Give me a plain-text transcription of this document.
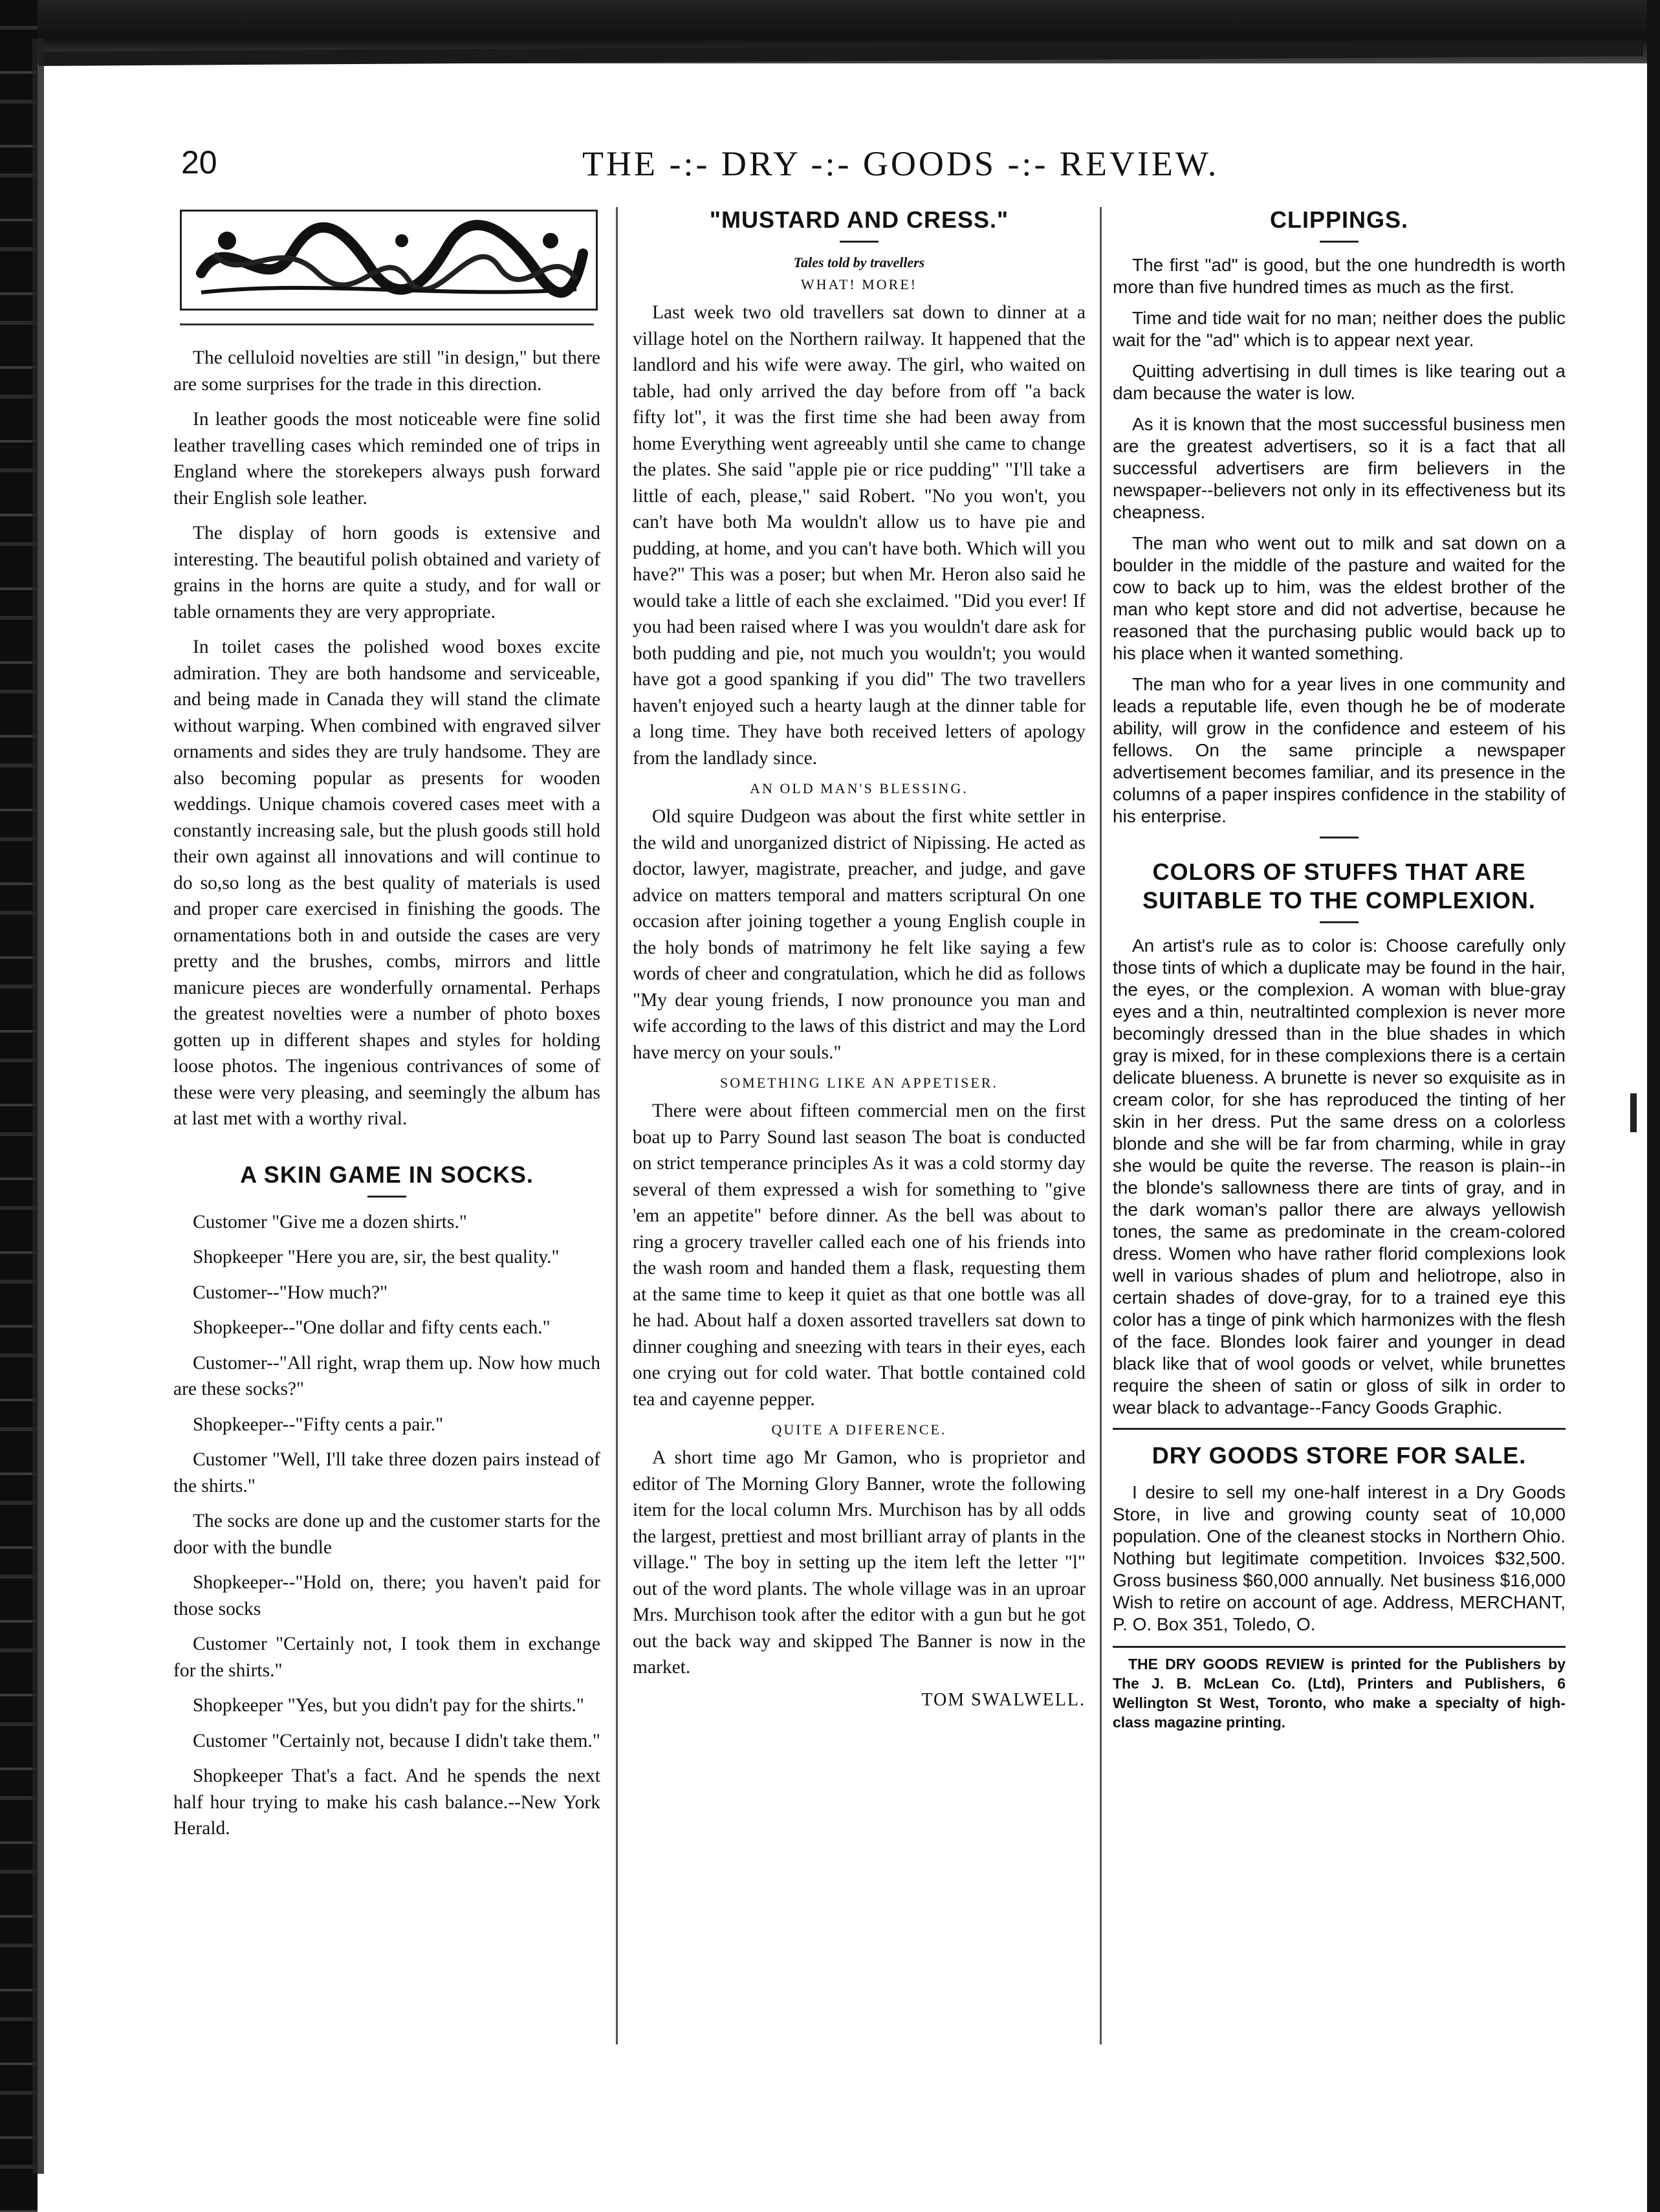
20	THE -:- DRY -:- GOODS -:- REVIEW.

The celluloid novelties are still "in design," but there are some surprises for the trade in this direction.

In leather goods the most noticeable were fine solid leather travelling cases which reminded one of trips in England where the storekepers always push forward their English sole leather.

The display of horn goods is extensive and interesting. The beautiful polish obtained and variety of grains in the horns are quite a study, and for wall or table ornaments they are very appropriate.

In toilet cases the polished wood boxes excite admiration. They are both handsome and serviceable, and being made in Canada they will stand the climate without warping. When combined with engraved silver ornaments and sides they are truly handsome. They are also becoming popular as presents for wooden weddings. Unique chamois covered cases meet with a constantly increasing sale, but the plush goods still hold their own against all innovations and will continue to do so,so long as the best quality of materials is used and proper care exercised in finishing the goods. The ornamentations both in and outside the cases are very pretty and the brushes, combs, mirrors and little manicure pieces are wonderfully ornamental. Perhaps the greatest novelties were a number of photo boxes gotten up in different shapes and styles for holding loose photos. The ingenious contrivances of some of these were very pleasing, and seemingly the album has at last met with a worthy rival.

A SKIN GAME IN SOCKS.

Customer "Give me a dozen shirts."

Shopkeeper "Here you are, sir, the best quality."

Customer--"How much?"

Shopkeeper--"One dollar and fifty cents each."

Customer--"All right, wrap them up. Now how much are these socks?"

Shopkeeper--"Fifty cents a pair."

Customer "Well, I'll take three dozen pairs instead of the shirts."

The socks are done up and the customer starts for the door with the bundle

Shopkeeper--"Hold on, there; you haven't paid for those socks

Customer "Certainly not, I took them in exchange for the shirts."

Shopkeeper "Yes, but you didn't pay for the shirts."

Customer "Certainly not, because I didn't take them."

Shopkeeper That's a fact. And he spends the next half hour trying to make his cash balance.--New York Herald.

"MUSTARD AND CRESS."
Tales told by travellers
WHAT! MORE!

Last week two old travellers sat down to dinner at a village hotel on the Northern railway. It happened that the landlord and his wife were away. The girl, who waited on table, had only arrived the day before from off "a back fifty lot", it was the first time she had been away from home Everything went agreeably until she came to change the plates. She said "apple pie or rice pudding" "I'll take a little of each, please," said Robert. "No you won't, you can't have both Ma wouldn't allow us to have pie and pudding, at home, and you can't have both. Which will you have?" This was a poser; but when Mr. Heron also said he would take a little of each she exclaimed. "Did you ever! If you had been raised where I was you wouldn't dare ask for both pudding and pie, not much you wouldn't; you would have got a good spanking if you did" The two travellers haven't enjoyed such a hearty laugh at the dinner table for a long time. They have both received letters of apology from the landlady since.

AN OLD MAN'S BLESSING.

Old squire Dudgeon was about the first white settler in the wild and unorganized district of Nipissing. He acted as doctor, lawyer, magistrate, preacher, and judge, and gave advice on matters temporal and matters scriptural On one occasion after joining together a young English couple in the holy bonds of matrimony he felt like saying a few words of cheer and congratulation, which he did as follows "My dear young friends, I now pronounce you man and wife according to the laws of this district and may the Lord have mercy on your souls."

SOMETHING LIKE AN APPETISER.

There were about fifteen commercial men on the first boat up to Parry Sound last season The boat is conducted on strict temperance principles As it was a cold stormy day several of them expressed a wish for something to "give 'em an appetite" before dinner. As the bell was about to ring a grocery traveller called each one of his friends into the wash room and handed them a flask, requesting them at the same time to keep it quiet as that one bottle was all he had. About half a doxen assorted travellers sat down to dinner coughing and sneezing with tears in their eyes, each one crying out for cold water. That bottle contained cold tea and cayenne pepper.

QUITE A DIFERENCE.

A short time ago Mr Gamon, who is proprietor and editor of The Morning Glory Banner, wrote the following item for the local column Mrs. Murchison has by all odds the largest, prettiest and most brilliant array of plants in the village." The boy in setting up the item left the letter "l" out of the word plants. The whole village was in an uproar Mrs. Murchison took after the editor with a gun but he got out the back way and skipped The Banner is now in the market.

TOM SWALWELL.
CLIPPINGS.

The first "ad" is good, but the one hundredth is worth more than five hundred times as much as the first.

Time and tide wait for no man; neither does the public wait for the "ad" which is to appear next year.

Quitting advertising in dull times is like tearing out a dam because the water is low.

As it is known that the most successful business men are the greatest advertisers, so it is a fact that all successful advertisers are firm believers in the newspaper--believers not only in its effectiveness but its cheapness.

The man who went out to milk and sat down on a boulder in the middle of the pasture and waited for the cow to back up to him, was the eldest brother of the man who kept store and did not advertise, because he reasoned that the purchasing public would back up to his place when it wanted something.

The man who for a year lives in one community and leads a reputable life, even though he be of moderate ability, will grow in the confidence and esteem of his fellows. On the same principle a newspaper advertisement becomes familiar, and its presence in the columns of a paper inspires confidence in the stability of his enterprise.

COLORS OF STUFFS THAT ARE SUITABLE TO THE COMPLEXION.

An artist's rule as to color is: Choose carefully only those tints of which a duplicate may be found in the hair, the eyes, or the complexion. A woman with blue-gray eyes and a thin, neutraltinted complexion is never more becomingly dressed than in the blue shades in which gray is mixed, for in these complexions there is a certain delicate blueness. A brunette is never so exquisite as in cream color, for she has reproduced the tinting of her skin in her dress. Put the same dress on a colorless blonde and she will be far from charming, while in gray she would be quite the reverse. The reason is plain--in the blonde's sallowness there are tints of gray, and in the dark woman's pallor there are always yellowish tones, the same as predominate in the cream-colored dress. Women who have rather florid complexions look well in various shades of plum and heliotrope, also in certain shades of dove-gray, for to a trained eye this color has a tinge of pink which harmonizes with the flesh of the face. Blondes look fairer and younger in dead black like that of wool goods or velvet, while brunettes require the sheen of satin or gloss of silk in order to wear black to advantage--Fancy Goods Graphic.

DRY GOODS STORE FOR SALE.

I desire to sell my one-half interest in a Dry Goods Store, in live and growing county seat of 10,000 population. One of the cleanest stocks in Northern Ohio. Nothing but legitimate competition. Invoices $32,500. Gross business $60,000 annually. Net business $16,000 Wish to retire on account of age. Address, MERCHANT, P. O. Box 351, Toledo, O.

THE DRY GOODS REVIEW is printed for the Publishers by The J. B. McLean Co. (Ltd), Printers and Publishers, 6 Wellington St West, Toronto, who make a specialty of high-class magazine printing.
